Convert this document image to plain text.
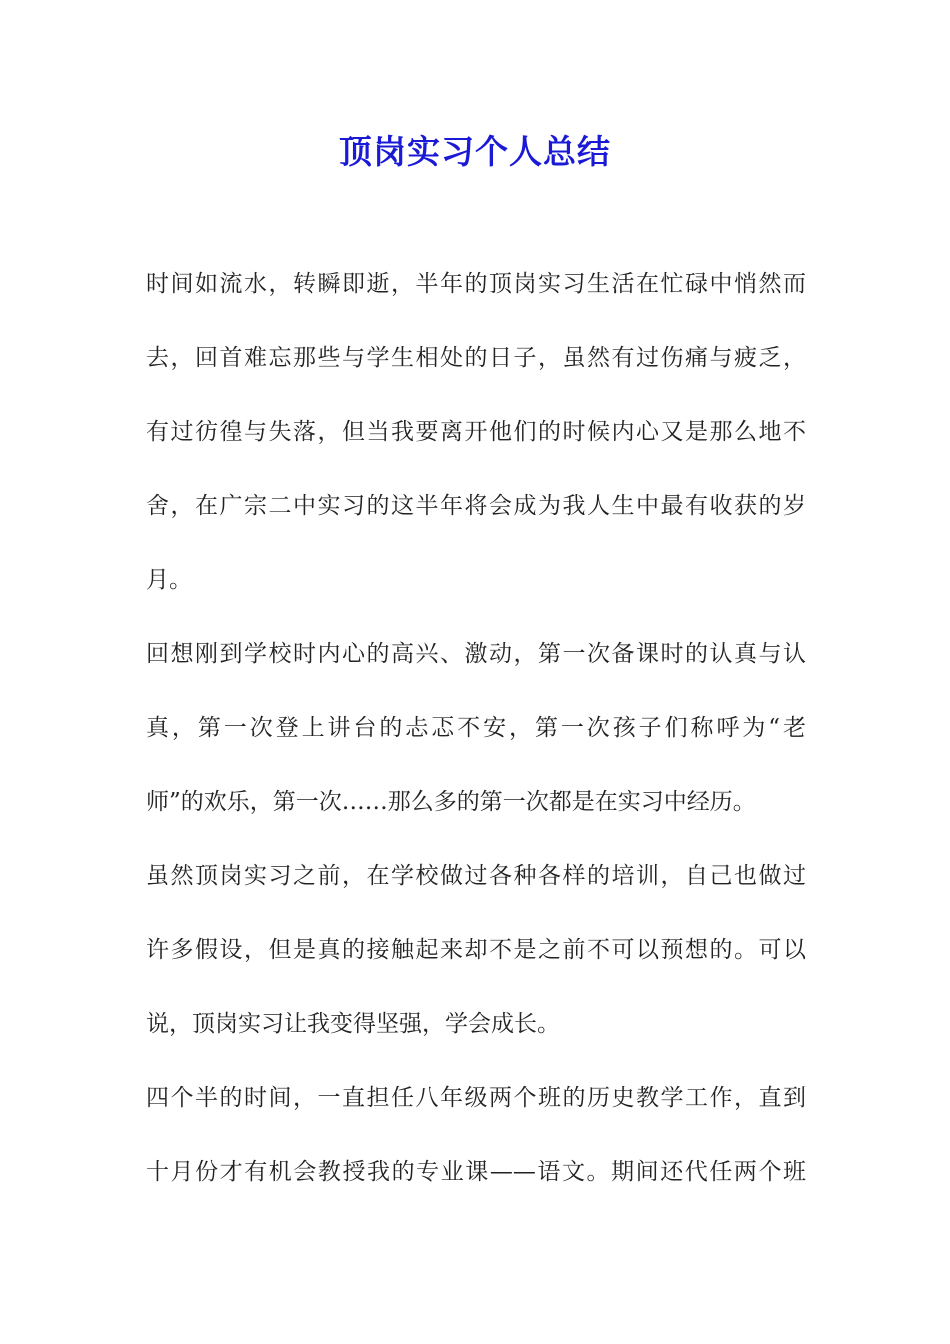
顶岗实习个人总结
时间如流水，转瞬即逝，半年的顶岗实习生活在忙碌中悄然而
去，回首难忘那些与学生相处的日子，虽然有过伤痛与疲乏，
有过彷徨与失落，但当我要离开他们的时候内心又是那么地不
舍，在广宗二中实习的这半年将会成为我人生中最有收获的岁
月。
回想刚到学校时内心的高兴、激动，第一次备课时的认真与认
真，第一次登上讲台的忐忑不安，第一次孩子们称呼为“老
师”的欢乐，第一次……那么多的第一次都是在实习中经历。
虽然顶岗实习之前，在学校做过各种各样的培训，自己也做过
许多假设，但是真的接触起来却不是之前不可以预想的。可以
说，顶岗实习让我变得坚强，学会成长。
四个半的时间，一直担任八年级两个班的历史教学工作，直到
十月份才有机会教授我的专业课——语文。期间还代任两个班
